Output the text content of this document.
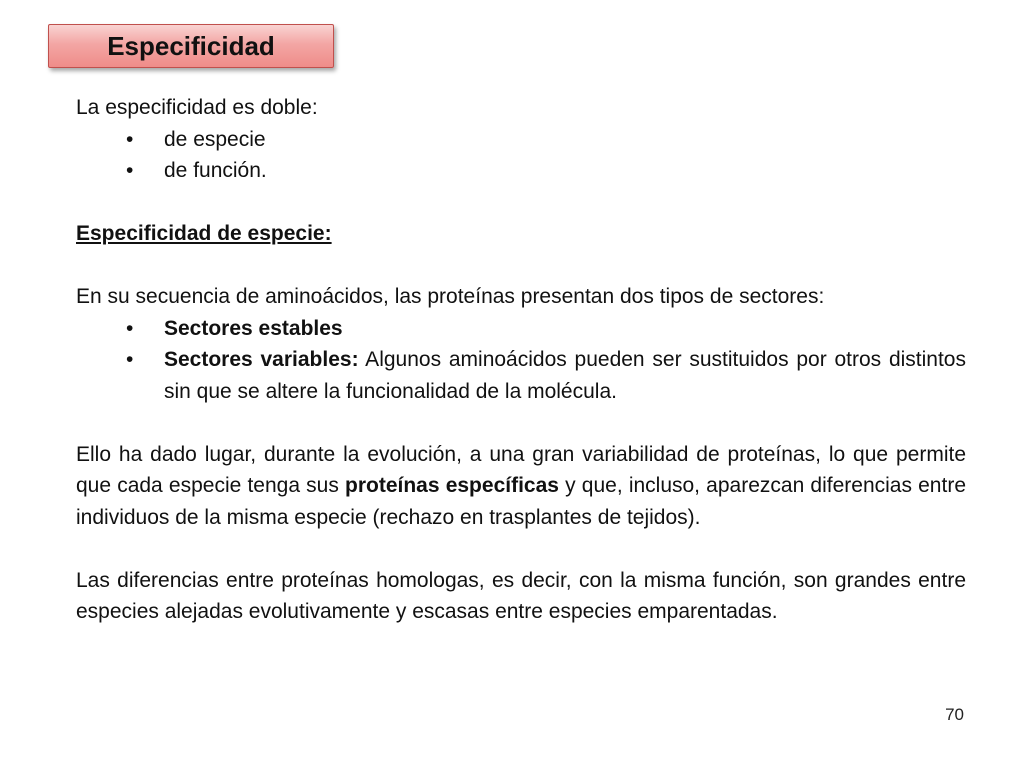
Especificidad

La especificidad es doble:

• de especie

• de función.

Especificidad de especie:

En su secuencia de aminoácidos, las proteínas presentan dos tipos de sectores:

• Sectores estables

• Sectores variables: Algunos aminoácidos pueden ser sustituidos por otros distintos sin que se altere la funcionalidad de la molécula.

Ello ha dado lugar, durante la evolución, a una gran variabilidad de proteínas, lo que permite que cada especie tenga sus proteínas específicas y que, incluso, aparezcan diferencias entre individuos de la misma especie (rechazo en trasplantes de tejidos).

Las diferencias entre proteínas homologas, es decir, con la misma función, son grandes entre especies alejadas evolutivamente y escasas entre especies emparentadas.

70
